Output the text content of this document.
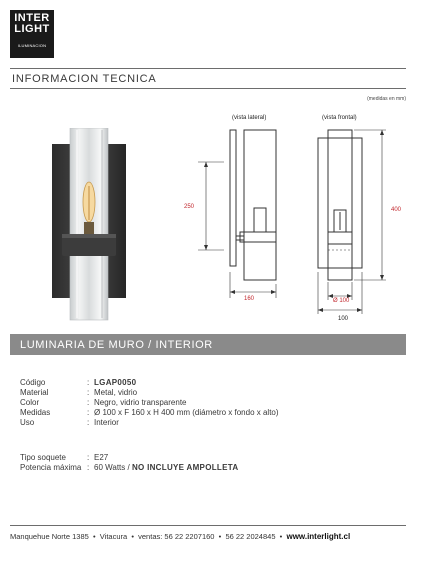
INTER
LIGHT
ILUMINACION
INFORMACION TECNICA
(medidas en mm)
(vista lateral)
250
160
(vista frontal)
400
Ø 100
100
LUMINARIA DE MURO / INTERIOR
Código	: LGAP0050
Material	: Metal, vidrio
Color	: Negro, vidrio transparente
Medidas	: Ø 100 x F 160 x H 400 mm (diámetro x fondo x alto)
Uso	: Interior
Tipo soquete	: E27
Potencia máxima : 60 Watts / NO INCLUYE AMPOLLETA
Manquehue Norte 1385  •  Vitacura  •  ventas: 56 22 2207160  •  56 22 2024845  •  www.interlight.cl
